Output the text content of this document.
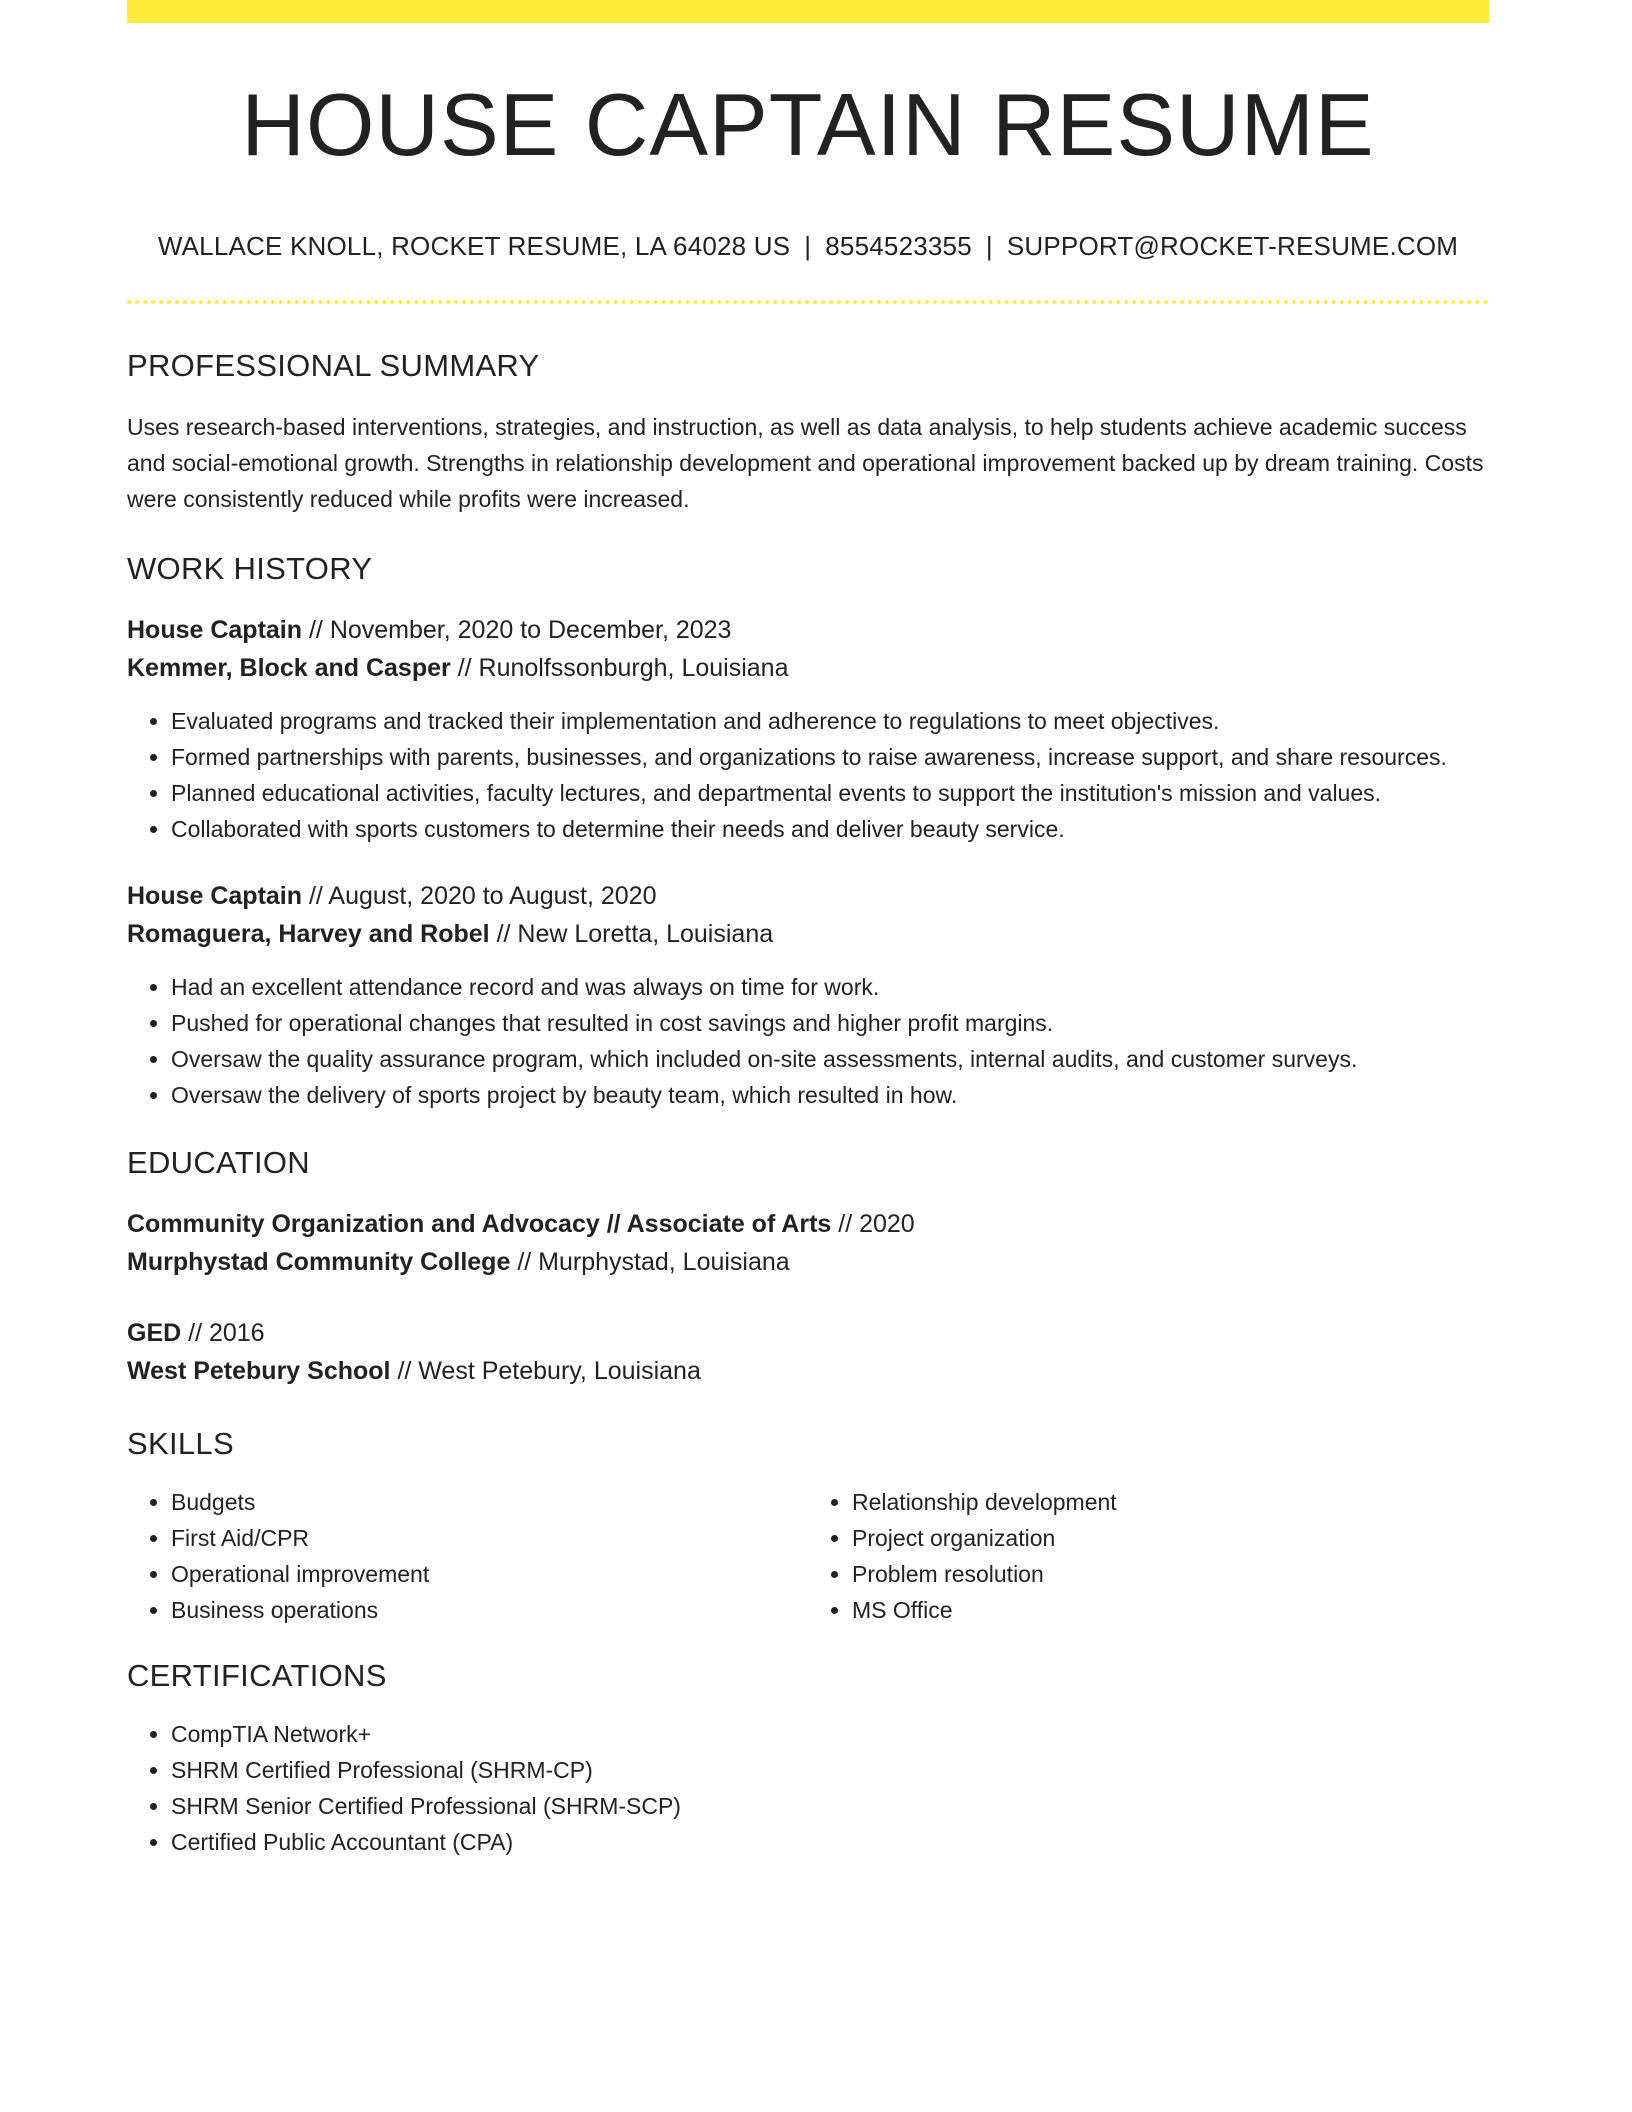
HOUSE CAPTAIN RESUME
WALLACE KNOLL, ROCKET RESUME, LA 64028 US | 8554523355 | SUPPORT@ROCKET-RESUME.COM
PROFESSIONAL SUMMARY

Uses research-based interventions, strategies, and instruction, as well as data analysis, to help students achieve academic success and social-emotional growth. Strengths in relationship development and operational improvement backed up by dream training. Costs were consistently reduced while profits were increased.

WORK HISTORY
House Captain // November, 2020 to December, 2023
Kemmer, Block and Casper // Runolfssonburgh, Louisiana
• Evaluated programs and tracked their implementation and adherence to regulations to meet objectives.
• Formed partnerships with parents, businesses, and organizations to raise awareness, increase support, and share resources.
• Planned educational activities, faculty lectures, and departmental events to support the institution's mission and values.
• Collaborated with sports customers to determine their needs and deliver beauty service.
House Captain // August, 2020 to August, 2020
Romaguera, Harvey and Robel // New Loretta, Louisiana
• Had an excellent attendance record and was always on time for work.
• Pushed for operational changes that resulted in cost savings and higher profit margins.
• Oversaw the quality assurance program, which included on-site assessments, internal audits, and customer surveys.
• Oversaw the delivery of sports project by beauty team, which resulted in how.
EDUCATION
Community Organization and Advocacy // Associate of Arts // 2020
Murphystad Community College // Murphystad, Louisiana
GED // 2016
West Petebury School // West Petebury, Louisiana
SKILLS
• Budgets
• First Aid/CPR
• Operational improvement
• Business operations
• Relationship development
• Project organization
• Problem resolution
• MS Office
CERTIFICATIONS
• CompTIA Network+
• SHRM Certified Professional (SHRM-CP)
• SHRM Senior Certified Professional (SHRM-SCP)
• Certified Public Accountant (CPA)
